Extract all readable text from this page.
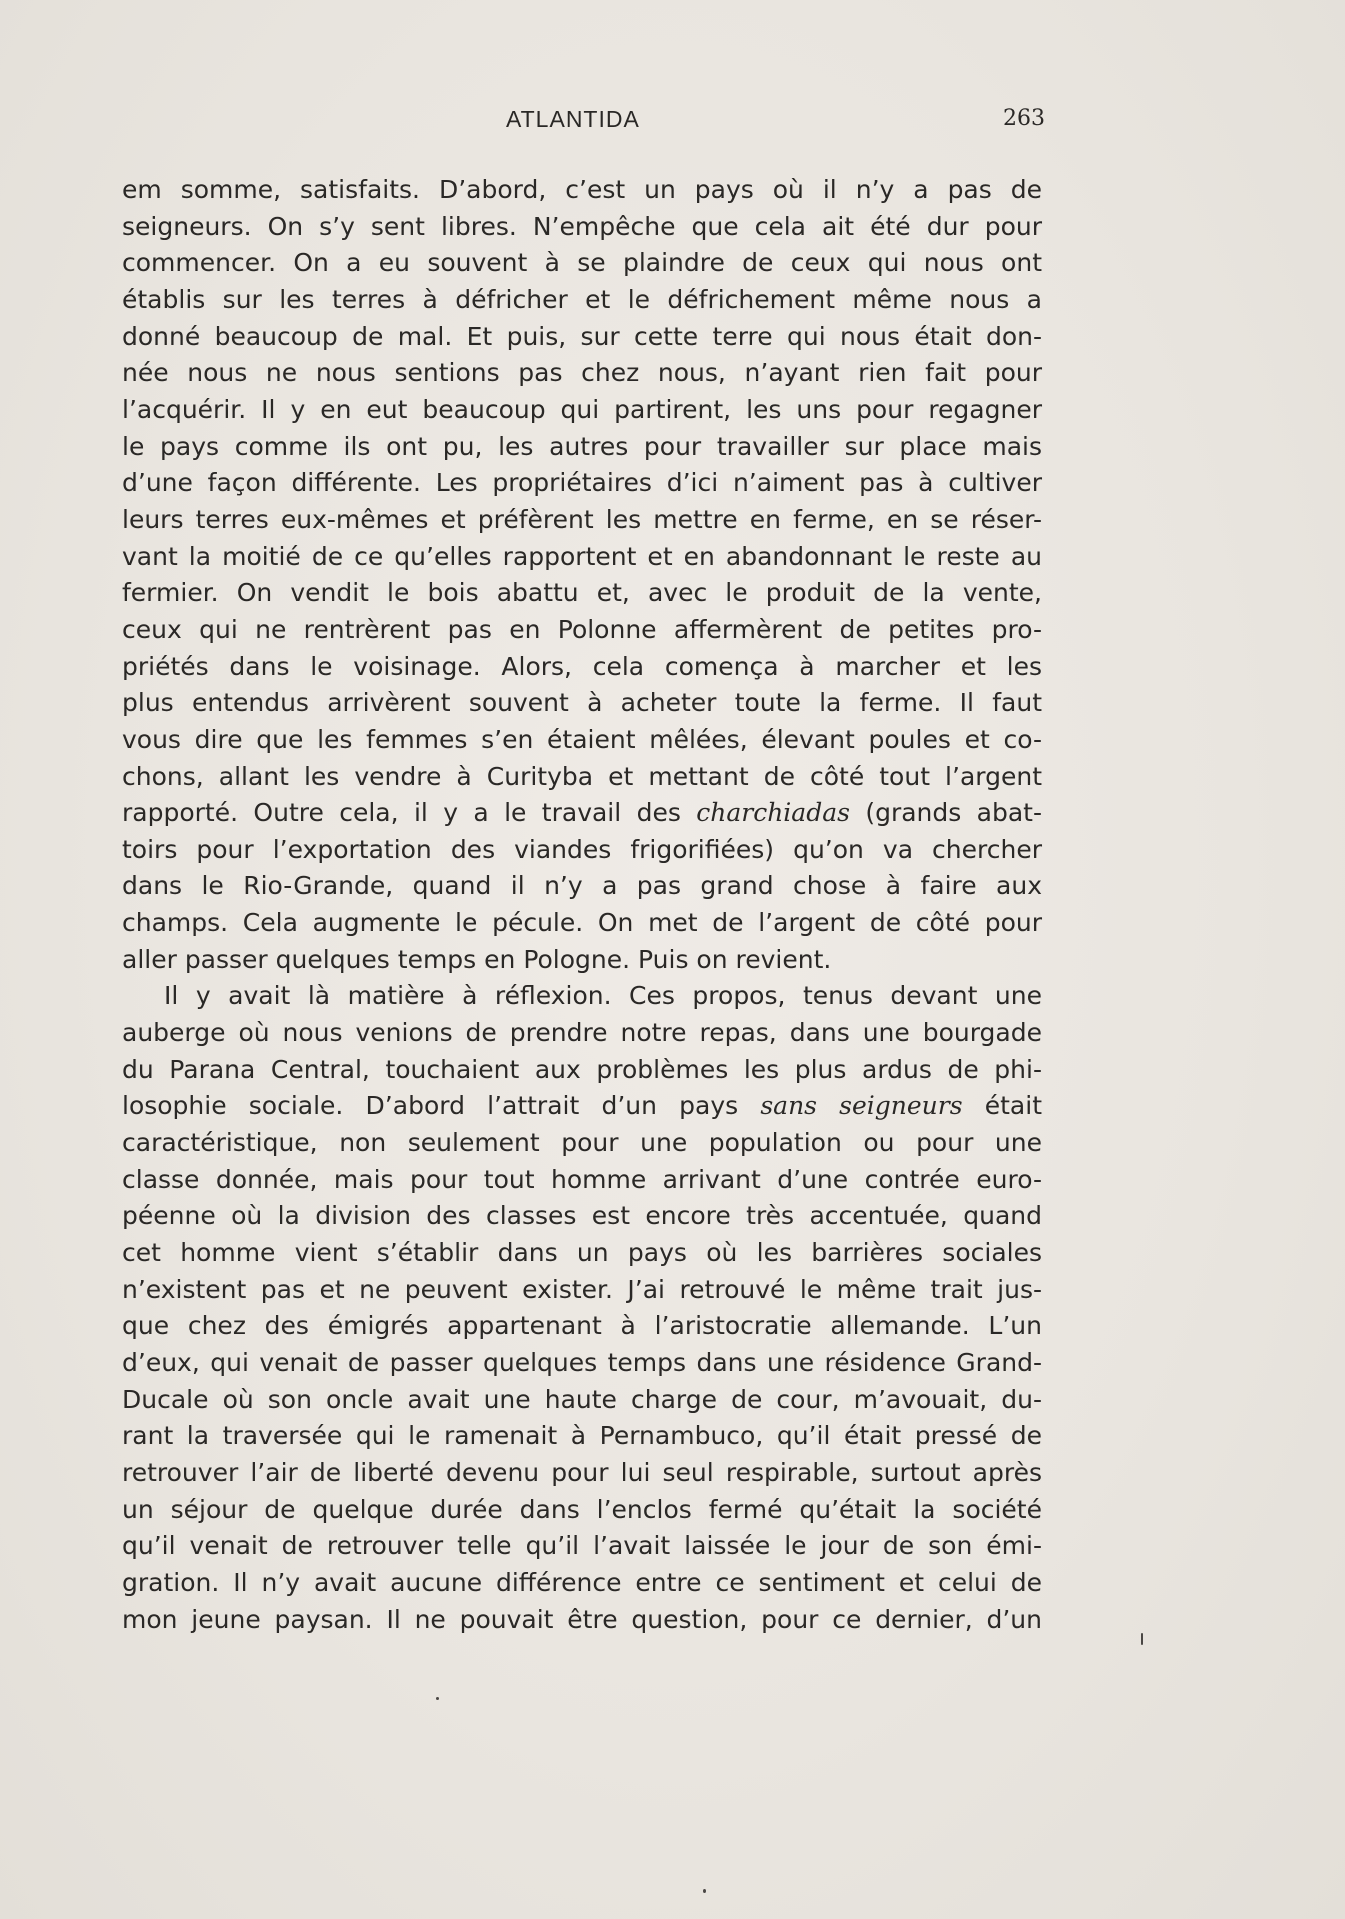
ATLANTIDA	263
em somme, satisfaits. D’abord, c’est un pays où il n’y a pas de
seigneurs. On s’y sent libres. N’empêche que cela ait été dur pour
commencer. On a eu souvent à se plaindre de ceux qui nous ont
établis sur les terres à défricher et le défrichement même nous a
donné beaucoup de mal. Et puis, sur cette terre qui nous était don-
née nous ne nous sentions pas chez nous, n’ayant rien fait pour
l’acquérir. Il y en eut beaucoup qui partirent, les uns pour regagner
le pays comme ils ont pu, les autres pour travailler sur place mais
d’une façon différente. Les propriétaires d’ici n’aiment pas à cultiver
leurs terres eux-mêmes et préfèrent les mettre en ferme, en se réser-
vant la moitié de ce qu’elles rapportent et en abandonnant le reste au
fermier. On vendit le bois abattu et, avec le produit de la vente,
ceux qui ne rentrèrent pas en Polonne affermèrent de petites pro-
priétés dans le voisinage. Alors, cela comença à marcher et les
plus entendus arrivèrent souvent à acheter toute la ferme. Il faut
vous dire que les femmes s’en étaient mêlées, élevant poules et co-
chons, allant les vendre à Curityba et mettant de côté tout l’argent
rapporté. Outre cela, il y a le travail des charchiadas (grands abat-
toirs pour l’exportation des viandes frigorifiées) qu’on va chercher
dans le Rio-Grande, quand il n’y a pas grand chose à faire aux
champs. Cela augmente le pécule. On met de l’argent de côté pour
aller passer quelques temps en Pologne. Puis on revient.
Il y avait là matière à réflexion. Ces propos, tenus devant une
auberge où nous venions de prendre notre repas, dans une bourgade
du Parana Central, touchaient aux problèmes les plus ardus de phi-
losophie sociale. D’abord l’attrait d’un pays sans seigneurs était
caractéristique, non seulement pour une population ou pour une
classe donnée, mais pour tout homme arrivant d’une contrée euro-
péenne où la division des classes est encore très accentuée, quand
cet homme vient s’établir dans un pays où les barrières sociales
n’existent pas et ne peuvent exister. J’ai retrouvé le même trait jus-
que chez des émigrés appartenant à l’aristocratie allemande. L’un
d’eux, qui venait de passer quelques temps dans une résidence Grand-
Ducale où son oncle avait une haute charge de cour, m’avouait, du-
rant la traversée qui le ramenait à Pernambuco, qu’il était pressé de
retrouver l’air de liberté devenu pour lui seul respirable, surtout après
un séjour de quelque durée dans l’enclos fermé qu’était la société
qu’il venait de retrouver telle qu’il l’avait laissée le jour de son émi-
gration. Il n’y avait aucune différence entre ce sentiment et celui de
mon jeune paysan. Il ne pouvait être question, pour ce dernier, d’un
